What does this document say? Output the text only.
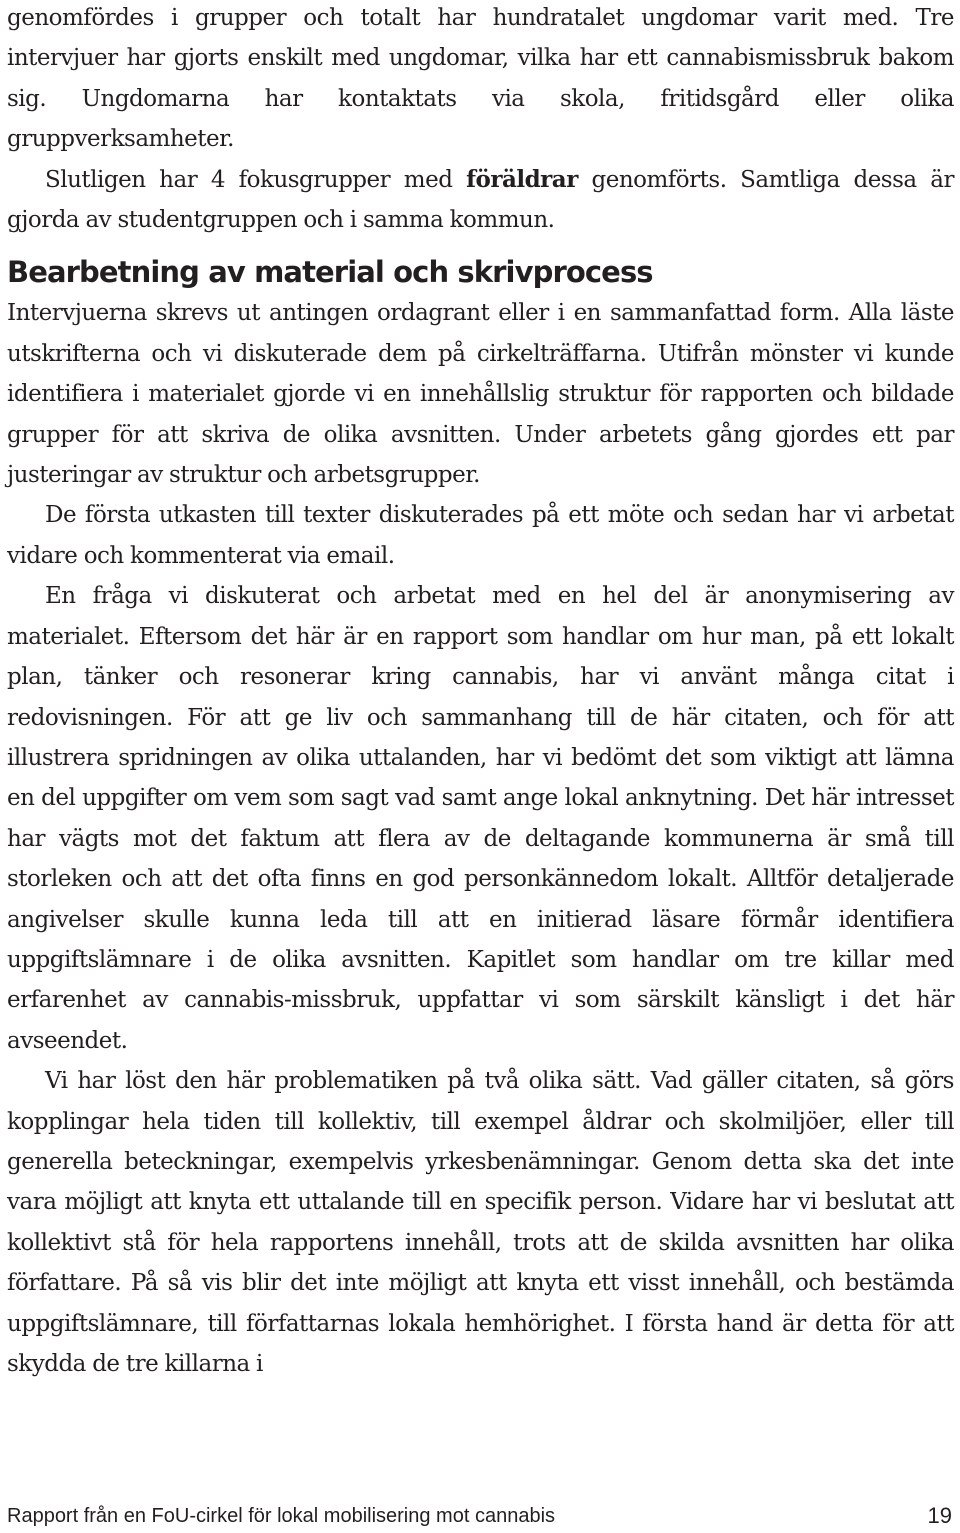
genomfördes i grupper och totalt har hundratalet ungdomar varit med. Tre intervjuer har gjorts enskilt med ungdomar, vilka har ett cannabismissbruk bakom sig. Ungdomarna har kontaktats via skola, fritidsgård eller olika gruppverksamheter.

Slutligen har 4 fokusgrupper med föräldrar genomförts. Samtliga dessa är gjorda av studentgruppen och i samma kommun.

Bearbetning av material och skrivprocess

Intervjuerna skrevs ut antingen ordagrant eller i en sammanfattad form. Alla läste utskrifterna och vi diskuterade dem på cirkelträffarna. Utifrån mönster vi kunde identifiera i materialet gjorde vi en innehållslig struktur för rapporten och bildade grupper för att skriva de olika avsnitten. Under arbetets gång gjordes ett par justeringar av struktur och arbetsgrupper.

De första utkasten till texter diskuterades på ett möte och sedan har vi arbetat vidare och kommenterat via email.

En fråga vi diskuterat och arbetat med en hel del är anonymisering av materialet. Eftersom det här är en rapport som handlar om hur man, på ett lokalt plan, tänker och resonerar kring cannabis, har vi använt många citat i redovisningen. För att ge liv och sammanhang till de här citaten, och för att illustrera spridningen av olika uttalanden, har vi bedömt det som viktigt att lämna en del uppgifter om vem som sagt vad samt ange lokal anknytning. Det här intresset har vägts mot det faktum att flera av de deltagande kommunerna är små till storleken och att det ofta finns en god personkännedom lokalt. Alltför detaljerade angivelser skulle kunna leda till att en initierad läsare förmår identifiera uppgiftslämnare i de olika avsnitten. Kapitlet som handlar om tre killar med erfarenhet av cannabis-missbruk, uppfattar vi som särskilt känsligt i det här avseendet.

Vi har löst den här problematiken på två olika sätt. Vad gäller citaten, så görs kopplingar hela tiden till kollektiv, till exempel åldrar och skolmiljöer, eller till generella beteckningar, exempelvis yrkesbenämningar. Genom detta ska det inte vara möjligt att knyta ett uttalande till en specifik person. Vidare har vi beslutat att kollektivt stå för hela rapportens innehåll, trots att de skilda avsnitten har olika författare. På så vis blir det inte möjligt att knyta ett visst innehåll, och bestämda uppgiftslämnare, till författarnas lokala hemhörighet. I första hand är detta för att skydda de tre killarna i

Rapport från en FoU-cirkel för lokal mobilisering mot cannabis	19
